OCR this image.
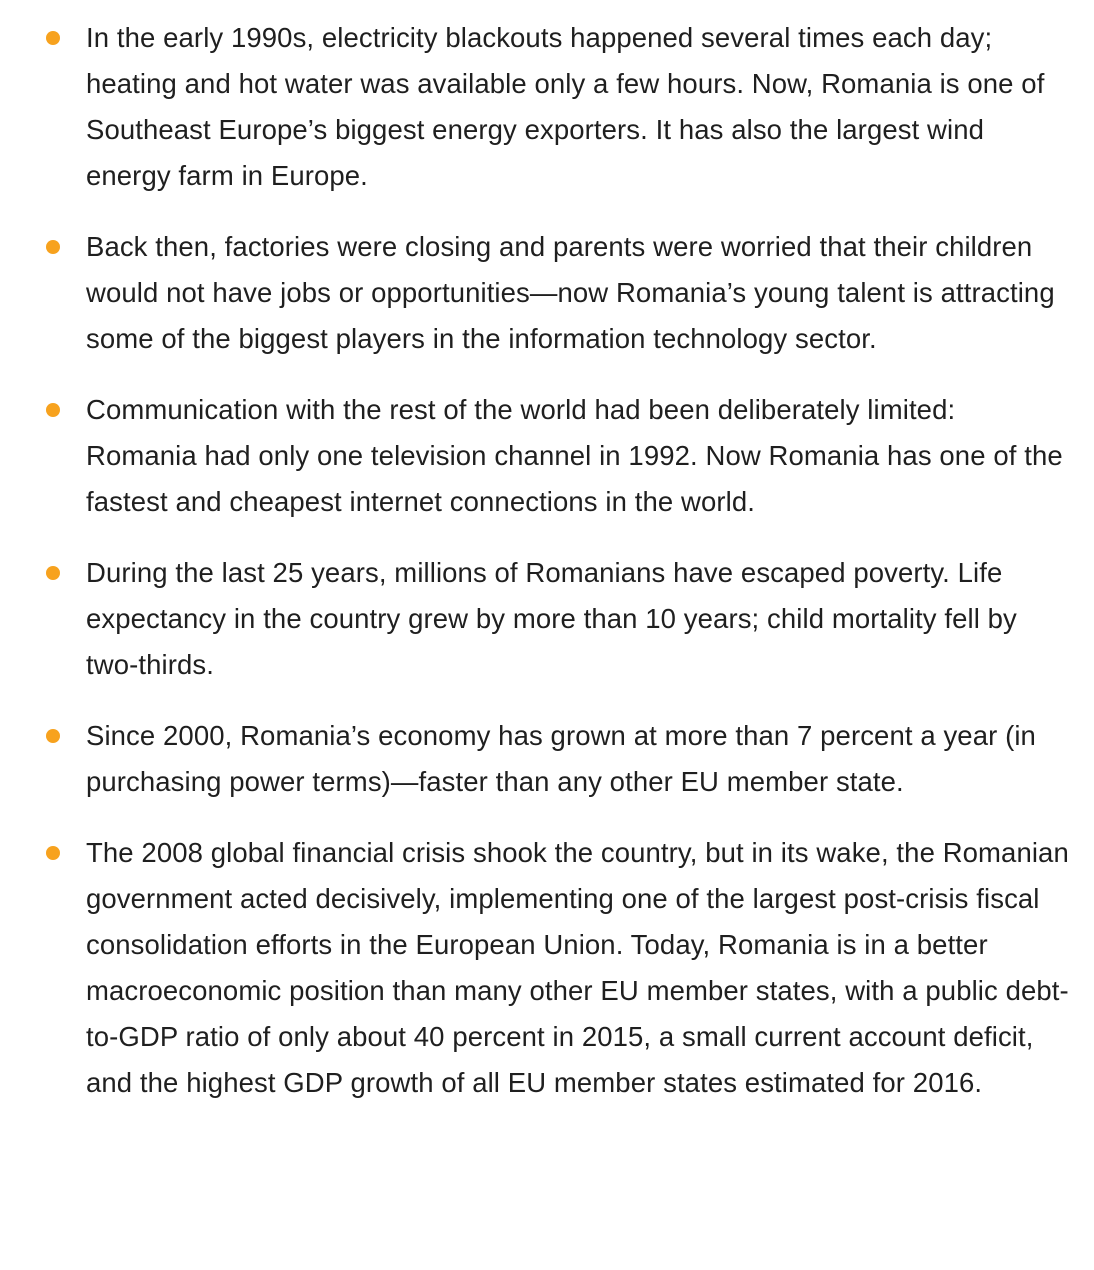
In the early 1990s, electricity blackouts happened several times each day; heating and hot water was available only a few hours. Now, Romania is one of Southeast Europe’s biggest energy exporters. It has also the largest wind energy farm in Europe.
Back then, factories were closing and parents were worried that their children would not have jobs or opportunities—now Romania’s young talent is attracting some of the biggest players in the information technology sector.
Communication with the rest of the world had been deliberately limited: Romania had only one television channel in 1992. Now Romania has one of the fastest and cheapest internet connections in the world.
During the last 25 years, millions of Romanians have escaped poverty. Life expectancy in the country grew by more than 10 years; child mortality fell by two-thirds.
Since 2000, Romania’s economy has grown at more than 7 percent a year (in purchasing power terms)—faster than any other EU member state.
The 2008 global financial crisis shook the country, but in its wake, the Romanian government acted decisively, implementing one of the largest post-crisis fiscal consolidation efforts in the European Union. Today, Romania is in a better macroeconomic position than many other EU member states, with a public debt-to-GDP ratio of only about 40 percent in 2015, a small current account deficit, and the highest GDP growth of all EU member states estimated for 2016.
